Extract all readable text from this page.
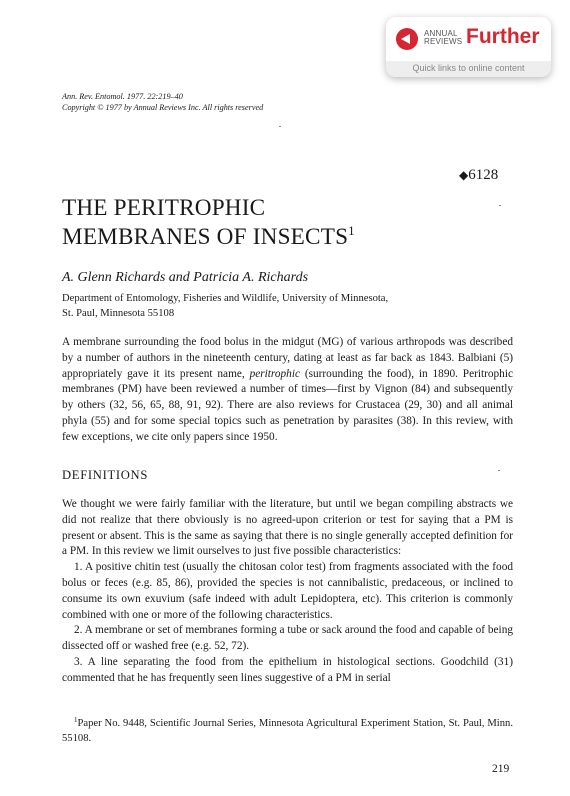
ANNUAL
REVIEWS Further
Quick links to online content
Ann. Rev. Entomol. 1977. 22:219–40
Copyright © 1977 by Annual Reviews Inc. All rights reserved
◆6128
THE PERITROPHIC
MEMBRANES OF INSECTS$^1$
A. Glenn Richards and Patricia A. Richards
Department of Entomology, Fisheries and Wildlife, University of Minnesota,
St. Paul, Minnesota 55108

A membrane surrounding the food bolus in the midgut (MG) of various arthropods was described by a number of authors in the nineteenth century, dating at least as far back as 1843. Balbiani (5) appropriately gave it its present name, peritrophic (surrounding the food), in 1890. Peritrophic membranes (PM) have been reviewed a number of times—first by Vignon (84) and subsequently by others (32, 56, 65, 88, 91, 92). There are also reviews for Crustacea (29, 30) and all animal phyla (55) and for some special topics such as penetration by parasites (38). In this review, with few exceptions, we cite only papers since 1950.

DEFINITIONS

We thought we were fairly familiar with the literature, but until we began compiling abstracts we did not realize that there obviously is no agreed-upon criterion or test for saying that a PM is present or absent. This is the same as saying that there is no single generally accepted definition for a PM. In this review we limit ourselves to just five possible characteristics:

1. A positive chitin test (usually the chitosan color test) from fragments associated with the food bolus or feces (e.g. 85, 86), provided the species is not cannibalistic, predaceous, or inclined to consume its own exuvium (safe indeed with adult Lepidoptera, etc). This criterion is commonly combined with one or more of the following characteristics.

2. A membrane or set of membranes forming a tube or sack around the food and capable of being dissected off or washed free (e.g. 52, 72).

3. A line separating the food from the epithelium in histological sections. Goodchild (31) commented that he has frequently seen lines suggestive of a PM in serial

$^1$Paper No. 9448, Scientific Journal Series, Minnesota Agricultural Experiment Station, St. Paul, Minn. 55108.
219
